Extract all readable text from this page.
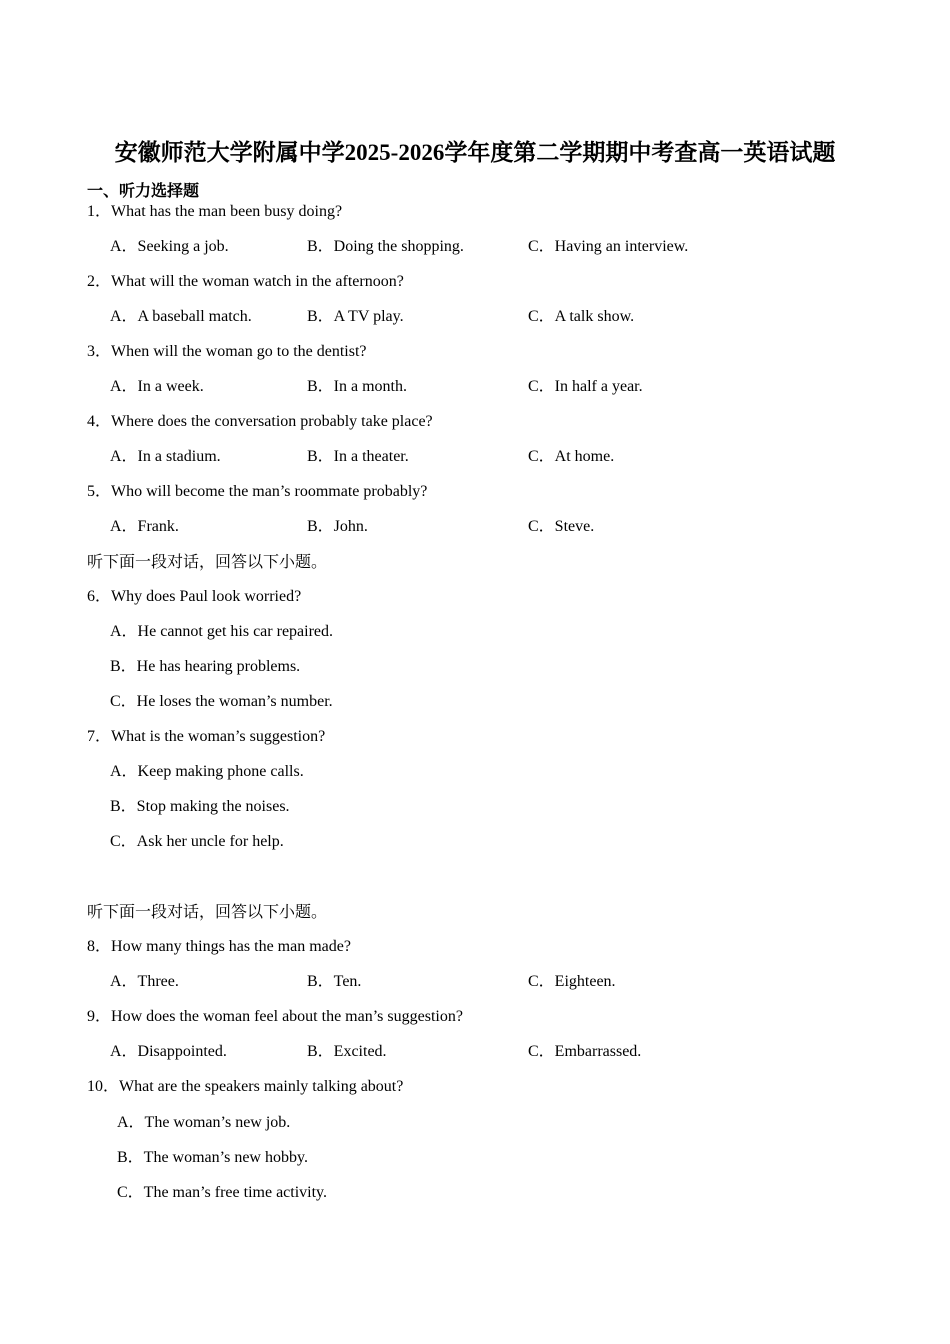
安徽师范大学附属中学2025-2026学年度第二学期期中考查高一英语试题
一、听力选择题
1．What has the man been busy doing?
A．Seeking a job.	B．Doing the shopping.	C．Having an interview.
2．What will the woman watch in the afternoon?
A．A baseball match.	B．A TV play.	C．A talk show.
3．When will the woman go to the dentist?
A．In a week.	B．In a month.	C．In half a year.
4．Where does the conversation probably take place?
A．In a stadium.	B．In a theater.	C．At home.
5．Who will become the man’s roommate probably?
A．Frank.	B．John.	C．Steve.
听下面一段对话，回答以下小题。
6．Why does Paul look worried?
A．He cannot get his car repaired.
B．He has hearing problems.
C．He loses the woman’s number.
7．What is the woman’s suggestion?
A．Keep making phone calls.
B．Stop making the noises.
C．Ask her uncle for help.
听下面一段对话，回答以下小题。
8．How many things has the man made?
A．Three.	B．Ten.	C．Eighteen.
9．How does the woman feel about the man’s suggestion?
A．Disappointed.	B．Excited.	C．Embarrassed.
10．What are the speakers mainly talking about?
A．The woman’s new job.
B．The woman’s new hobby.
C．The man’s free time activity.
